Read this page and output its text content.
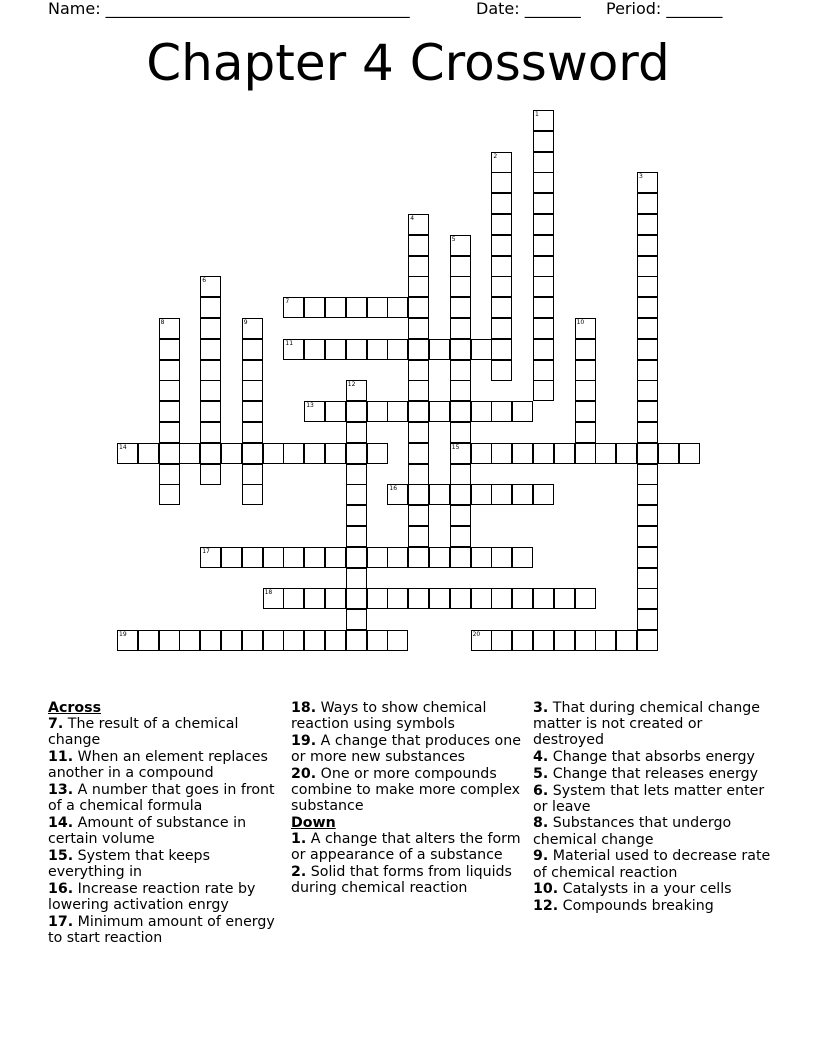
Name: ______________________________________	Date: _______ Period: _______
Chapter 4 Crossword
1
2
3
4
5
15
6
7
8	9	10
11
12
13
14
16
17
18
19	20
Across
7. The result of a chemical change
11. When an element replaces another in a compound
13. A number that goes in front of a chemical formula
14. Amount of substance in certain volume
15. System that keeps everything in
16. Increase reaction rate by lowering activation enrgy
17. Minimum amount of energy to start reaction
18. Ways to show chemical reaction using symbols
19. A change that produces one or more new substances
20. One or more compounds combine to make more complex substance
Down
1. A change that alters the form or appearance of a substance
2. Solid that forms from liquids during chemical reaction
3. That during chemical change matter is not created or destroyed
4. Change that absorbs energy
5. Change that releases energy
6. System that lets matter enter or leave
8. Substances that undergo chemical change
9. Material used to decrease rate of chemical reaction
10. Catalysts in a your cells
12. Compounds breaking
